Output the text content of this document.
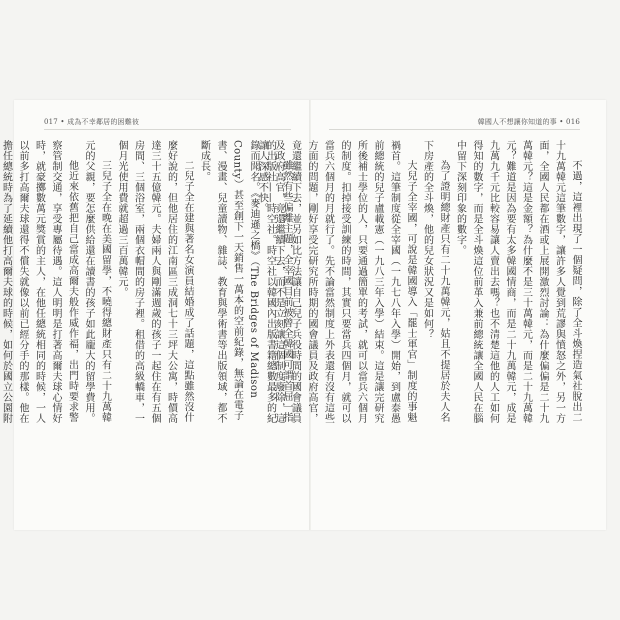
017 • 成為不幸鄰居的困難彼

雖然有些偏離主題，全宰國目前被曾全韓國可謂首屈一指的出版社——時空社。時空社以韓國內出版書籍總數最多的紀錄而聞名。《麥迪遜之橋》（The Bridges of Madison County）甚至創下一天銷售一萬本的空前紀錄，無論在電子書、漫畫、兒童讀物、雜誌、教育與學術書等出版領域，都不斷成長。

二兒子全在建與著名女演員結婚成了話題，這點雖然沒什麼好說的，但他居住的江南區三成洞七十三坪大公寓，時價高達三十五億韓元。夫婦兩人與剛滿週歲的孩子一起住在有五個房間、三個浴室，兩個衣帽間的房子裡。租借的高級轎車，一個月光使用費就超過三百萬韓元。

三兒子全在晚在美國留學，不曉得總財產只有二十九萬韓元的父親，要怎麼供給還在讀書的孩子如此龐大的留學費用。

他近來依舊把自己當成高爾夫般作威作福，出門時要求警察管制交通，享受專屬待遇。這人明明是打著高爾夫球心情好時，就豪擲數萬元獎賞的主人，在他任總統相同的時候，一人以前多打高爾夫球還得不償失就像以前已經分手的那樣。他在擔任總統時為了延續他打高爾夫球的時候，如何於國立公園附

韓國人不想讓你知道的事 • 016

不過，這裡出現了一個疑問，除了全斗煥捏造氣社脫出二十九萬韓元這筆數字，讓許多人覺到荒謬與憤怒之外，另一方面，全國人民都在酒或上展開激烈討論：為什麼偏偏是二十九萬韓元？這是金額？為什麼不是三十萬韓元，而是二十九萬韓元？難道是因為要有太多韓國情商，而是二十九萬韓元，成是九萬九千元比較容易讓人賣出去嗎？也不清楚這他的人工如何得知的數字，而是全斗煥這位前革入兼前總統讓全國人民在腦中留下深刻印象的數字。

為了證明總財產只有二十九萬韓元，姑且不提居於夫人名下房產的全斗煥，他的兒女狀況又是如何？

大兒子全宰國，可說是韓國導入「罷士軍官」制度的事魁禍首。這筆制度從全宰國（一九七八年入學）開始，到盧泰愚前總統的兒子盧載憲（一九八三年入學）結束。這是讓完研究所後補士學位的人，只要通過簡單的考試，就可以當兵六個月的制度。扣掉接受訓練的時間，其實只要當兵四個月，就可以當兵六個月的月就行了。先不論當然制度上外表還有沒有這些方面的問題，剛好享受完研究所時期的國會議員及政府高官，竟還繼續下去，並另如比方法讓自己兒子兵役時間的國會議員及政府高官，竟還繼續下去，而不是立刻讓這個制度廢除，這讓人深感不快。
